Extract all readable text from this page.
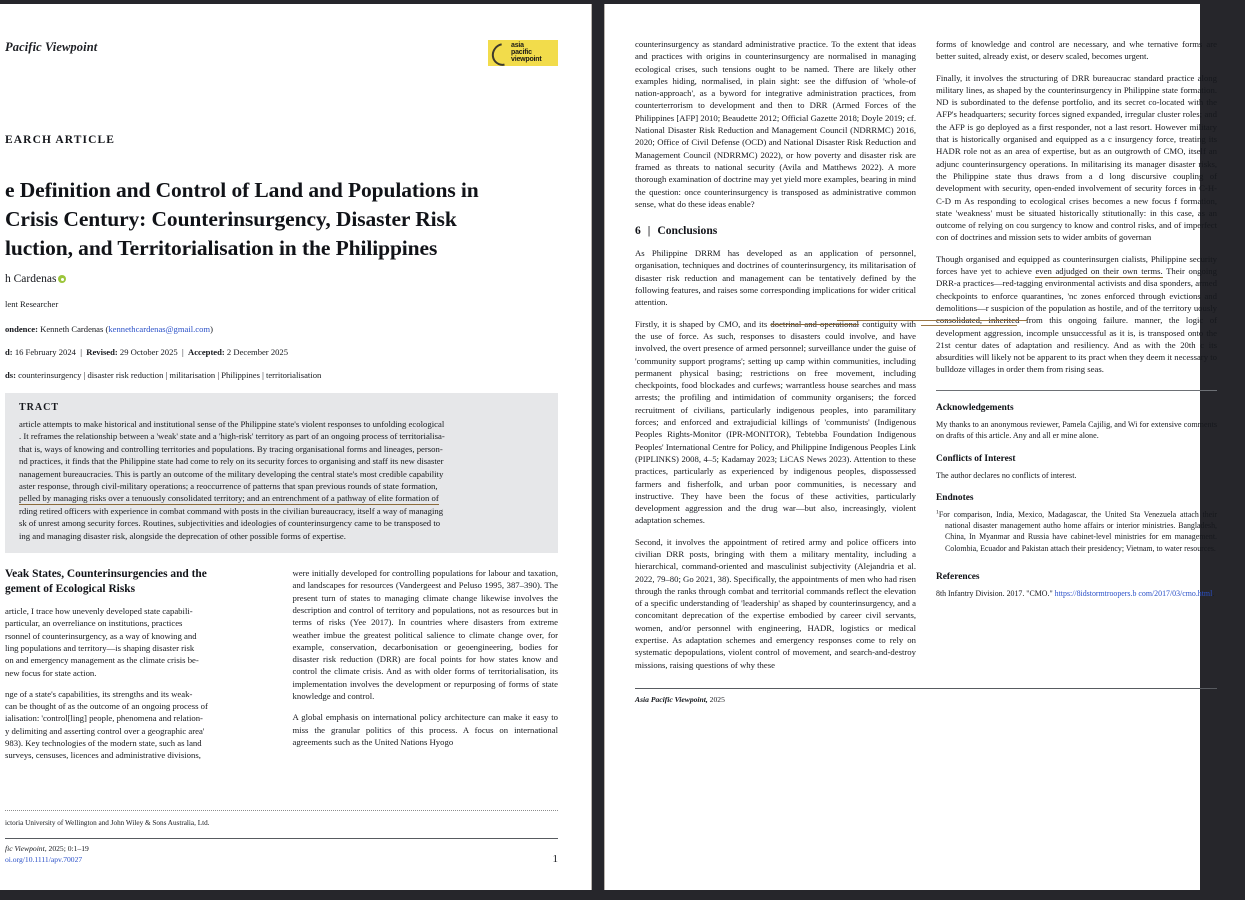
Pacific Viewpoint	asia
pacific
viewpoint
EARCH ARTICLE
e Definition and Control of Land and Populations in
Crisis Century: Counterinsurgency, Disaster Risk
luction, and Territorialisation in the Philippines
h Cardenas
lent Researcher
ondence: Kenneth Cardenas (kennethcardenas@gmail.com)
d: 16 February 2024  |  Revised: 29 October 2025  |  Accepted: 2 December 2025
ds: counterinsurgency | disaster risk reduction | militarisation | Philippines | territorialisation
TRACT
article attempts to make historical and institutional sense of the Philippine state's violent responses to unfolding ecological
. It reframes the relationship between a 'weak' state and a 'high-risk' territory as part of an ongoing process of territorialisa-
that is, ways of knowing and controlling territories and populations. By tracing organisational forms and lineages, person-
nd practices, it finds that the Philippine state had come to rely on its security forces to organising and staff its new disaster
nanagement bureaucracies. This is partly an outcome of the military developing the central state's most credible capability
aster response, through civil-military operations; a reoccurrence of patterns that span previous rounds of state formation,
pelled by managing risks over a tenuously consolidated territory; and an entrenchment of a pathway of elite formation of
rding retired officers with experience in combat command with posts in the civilian bureaucracy, itself a way of managing
sk of unrest among security forces. Routines, subjectivities and ideologies of counterinsurgency came to be transposed to
ing and managing disaster risk, alongside the deprecation of other possible forms of expertise.
Veak States, Counterinsurgencies and the
gement of Ecological Risks

article, I trace how unevenly developed state capabili-
particular, an overreliance on institutions, practices
rsonnel of counterinsurgency, as a way of knowing and
ling populations and territory—is shaping disaster risk
on and emergency management as the climate crisis be-
new focus for state action.

nge of a state's capabilities, its strengths and its weak-
can be thought of as the outcome of an ongoing process of
ialisation: 'control[ling] people, phenomena and relation-
y delimiting and asserting control over a geographic area'
983). Key technologies of the modern state, such as land
surveys, censuses, licences and administrative divisions,

were initially developed for controlling populations for labour and taxation, and landscapes for resources (Vandergeest and Peluso 1995, 387–390). The present turn of states to managing climate change likewise involves the description and control of territory and populations, not as resources but in terms of risks (Yee 2017). In countries where disasters from extreme weather imbue the greatest political salience to climate change over, for example, conservation, decarbonisation or geoengineering, bodies for disaster risk reduction (DRR) are focal points for how states know and control the climate crisis. And as with older forms of territorialisation, its implementation involves the development or repurposing of forms of state knowledge and control.

A global emphasis on international policy architecture can make it easy to miss the granular politics of this process. A focus on international agreements such as the United Nations Hyogo

ictoria University of Wellington and John Wiley & Sons Australia, Ltd.
fic Viewpoint, 2025; 0:1–19
oi.org/10.1111/apv.70027	1

counterinsurgency as standard administrative practice. To the extent that ideas and practices with origins in counterinsurgency are normalised in managing ecological crises, such tensions ought to be named. There are likely other examples hiding, normalised, in plain sight: see the diffusion of 'whole-of nation-approach', as a byword for integrative administration practices, from counterterrorism to development and then to DRR (Armed Forces of the Philippines [AFP] 2010; Beaudette 2012; Official Gazette 2018; Doyle 2019; cf. National Disaster Risk Reduction and Management Council (NDRRMC) 2016, 2020; Office of Civil Defense (OCD) and National Disaster Risk Reduction and Management Council (NDRRMC) 2022), or how poverty and disaster risk are framed as threats to national security (Avila and Matthews 2022). A more thorough examination of doctrine may yet yield more examples, bearing in mind the question: once counterinsurgency is transposed as administrative common sense, what do these ideas enable?

6 | Conclusions

As Philippine DRRM has developed as an application of personnel, organisation, techniques and doctrines of counterinsurgency, its militarisation of disaster risk reduction and management can be tentatively defined by the following features, and raises some corresponding implications for wider critical attention.

Firstly, it is shaped by CMO, and its doctrinal and operational contiguity with the use of force. As such, responses to disasters could involve, and have involved, the overt presence of armed personnel; surveillance under the guise of 'community support programs'; setting up camp within communities, including permanent physical basing; restrictions on free movement, including checkpoints, food blockades and curfews; warrantless house searches and mass arrests; the profiling and intimidation of community organisers; the forced recruitment of civilians, particularly indigenous peoples, into paramilitary forces; and enforced and extrajudicial killings of 'communists' (Indigenous Peoples Rights-Monitor (IPR-MONITOR), Tebtebba Foundation Indigenous Peoples' International Centre for Policy, and Philippine Indigenous Peoples Link (PIPLINKS) 2008, 4–5; Kadamay 2023; LiCAS News 2023). Attention to these practices, particularly as experienced by indigenous peoples, dispossessed farmers and fisherfolk, and urban poor communities, is necessary and instructive. They have been the focus of these activities, particularly development aggression and the drug war—but also, increasingly, violent adaptation schemes.

Second, it involves the appointment of retired army and police officers into civilian DRR posts, bringing with them a military mentality, including a hierarchical, command-oriented and masculinist subjectivity (Alejandria et al. 2022, 79–80; Go 2021, 38). Specifically, the appointments of men who had risen through the ranks through combat and territorial commands reflect the elevation of a specific understanding of 'leadership' as shaped by counterinsurgency, and a concomitant deprecation of the expertise embodied by career civil servants, women, and/or personnel with engineering, HADR, logistics or medical expertise. As adaptation schemes and emergency responses come to rely on systematic depopulations, violent control of movement, and search-and-destroy missions, raising questions of why these

forms of knowledge and control are necessary, and whe ternative forms are better suited, already exist, or deserv scaled, becomes urgent.

Finally, it involves the structuring of DRR bureaucrac standard practice along military lines, as shaped by the counterinsurgency in Philippine state formation. ND is subordinated to the defense portfolio, and its secret co-located with the AFP's headquarters; security forces signed expanded, irregular cluster roles; and the AFP is go deployed as a first responder, not a last resort. However military that is historically organised and equipped as a c insurgency force, treating its HADR role not as an area of expertise, but as an outgrowth of CMO, itself an adjunc counterinsurgency operations. In militarising its manager disaster risks, the Philippine state thus draws from a d long discursive coupling of development with security, open-ended involvement of security forces in C-H-C-D m As responding to ecological crises becomes a new focus f formation, state 'weakness' must be situated historically stitutionally: in this case, as an outcome of relying on cou surgency to know and control risks, and of imperfect con of doctrines and mission sets to wider ambits of governan

Though organised and equipped as counterinsurgen cialists, Philippine security forces have yet to achieve even adjudged on their own terms. Their ongoing DRR-a practices—red-tagging environmental activists and disa sponders, armed checkpoints to enforce quarantines, 'nc zones enforced through evictions and demolitions—r suspicion of the population as hostile, and of the territory uously consolidated, inherited from this ongoing failure. manner, the logic of development aggression, incomple unsuccessful as it is, is transposed onto the 21st centur dates of adaptation and resiliency. And as with the 20th c its absurdities will likely not be apparent to its pract when they deem it necessary to bulldoze villages in order them from rising seas.

Acknowledgements

My thanks to an anonymous reviewer, Pamela Cajilig, and Wi for extensive comments on drafts of this article. Any and all er mine alone.

Conflicts of Interest

The author declares no conflicts of interest.

Endnotes

$^1$For comparison, India, Mexico, Madagascar, the United Sta Venezuela attach their national disaster management autho home affairs or interior ministries. Bangladesh, China, In Myanmar and Russia have cabinet-level ministries for em management. Colombia, Ecuador and Pakistan attach their presidency; Vietnam, to water resources.

References

8th Infantry Division. 2017. "CMO." https://8idstormtroopers.b com/2017/03/cmo.html.

Asia Pacific Viewpoint, 2025
